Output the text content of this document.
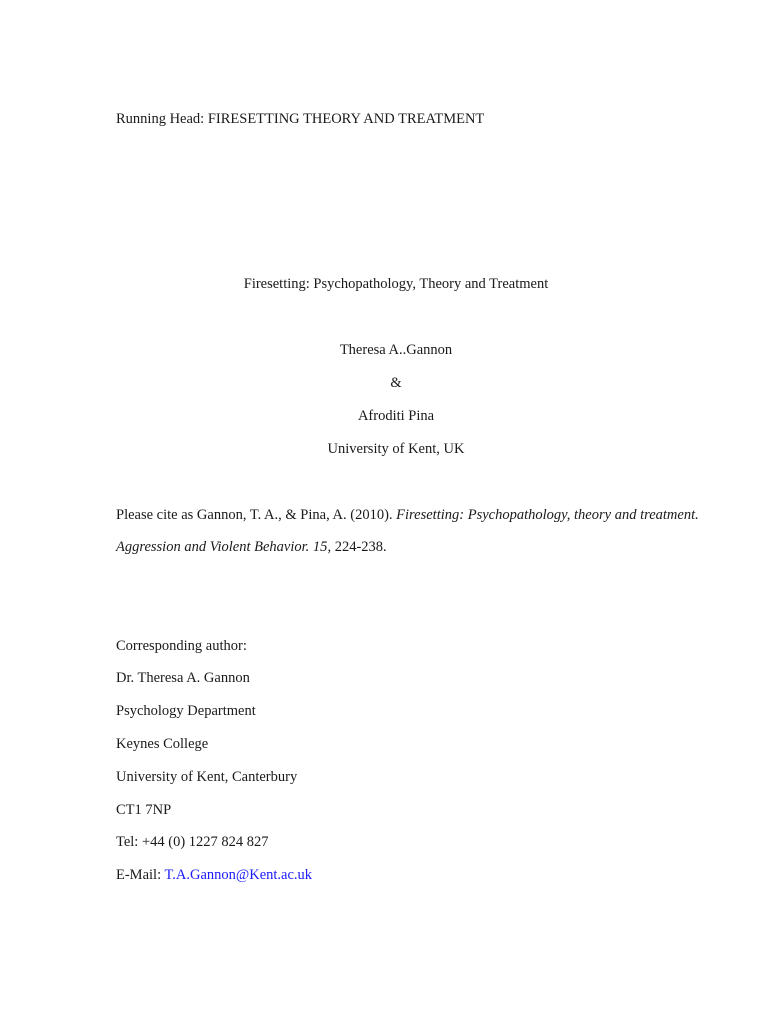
Running Head: FIRESETTING THEORY AND TREATMENT
Firesetting: Psychopathology, Theory and Treatment
Theresa A..Gannon
&
Afroditi Pina
University of Kent, UK
Please cite as Gannon, T. A., & Pina, A. (2010). Firesetting: Psychopathology, theory and treatment.
Aggression and Violent Behavior. 15, 224-238.
Corresponding author:
Dr. Theresa A. Gannon
Psychology Department
Keynes College
University of Kent, Canterbury
CT1 7NP
Tel: +44 (0) 1227 824 827
E-Mail: T.A.Gannon@Kent.ac.uk
